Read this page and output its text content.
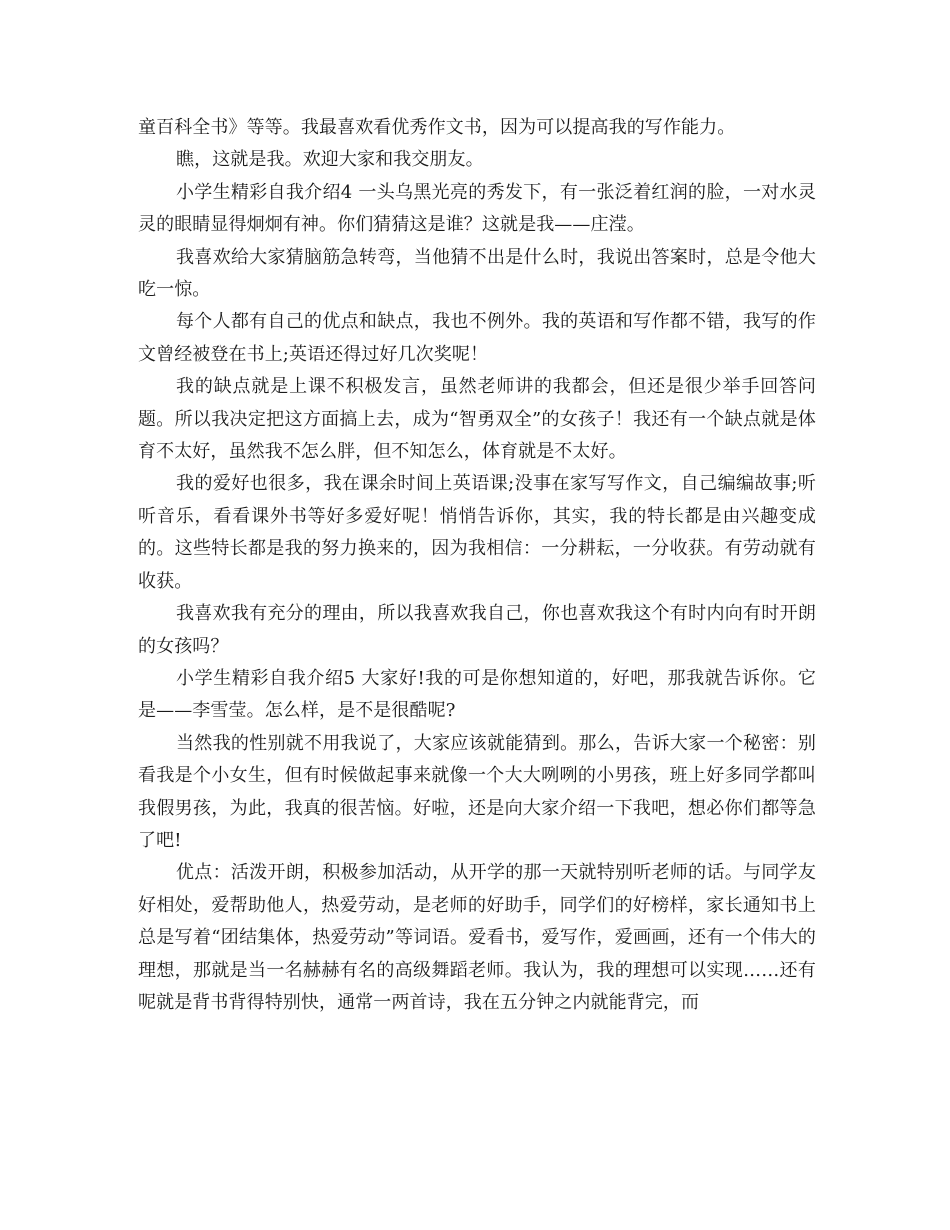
童百科全书》等等。我最喜欢看优秀作文书，因为可以提高我的写作能力。

瞧，这就是我。欢迎大家和我交朋友。

小学生精彩自我介绍4 一头乌黑光亮的秀发下，有一张泛着红润的脸，一对水灵灵的眼睛显得炯炯有神。你们猜猜这是谁？这就是我——庄滢。

我喜欢给大家猜脑筋急转弯，当他猜不出是什么时，我说出答案时，总是令他大吃一惊。

每个人都有自己的优点和缺点，我也不例外。我的英语和写作都不错，我写的作文曾经被登在书上;英语还得过好几次奖呢！

我的缺点就是上课不积极发言，虽然老师讲的我都会，但还是很少举手回答问题。所以我决定把这方面搞上去，成为“智勇双全”的女孩子！我还有一个缺点就是体育不太好，虽然我不怎么胖，但不知怎么，体育就是不太好。

我的爱好也很多，我在课余时间上英语课;没事在家写写作文，自己编编故事;听听音乐，看看课外书等好多爱好呢！悄悄告诉你，其实，我的特长都是由兴趣变成的。这些特长都是我的努力换来的，因为我相信：一分耕耘，一分收获。有劳动就有收获。

我喜欢我有充分的理由，所以我喜欢我自己，你也喜欢我这个有时内向有时开朗的女孩吗？

小学生精彩自我介绍5 大家好!我的可是你想知道的，好吧，那我就告诉你。它是——李雪莹。怎么样，是不是很酷呢?

当然我的性别就不用我说了，大家应该就能猜到。那么，告诉大家一个秘密：别看我是个小女生，但有时候做起事来就像一个大大咧咧的小男孩，班上好多同学都叫我假男孩，为此，我真的很苦恼。好啦，还是向大家介绍一下我吧，想必你们都等急了吧!

优点：活泼开朗，积极参加活动，从开学的那一天就特别听老师的话。与同学友好相处，爱帮助他人，热爱劳动，是老师的好助手，同学们的好榜样，家长通知书上总是写着“团结集体，热爱劳动”等词语。爱看书，爱写作，爱画画，还有一个伟大的理想，那就是当一名赫赫有名的高级舞蹈老师。我认为，我的理想可以实现……还有呢就是背书背得特别快，通常一两首诗，我在五分钟之内就能背完，而
